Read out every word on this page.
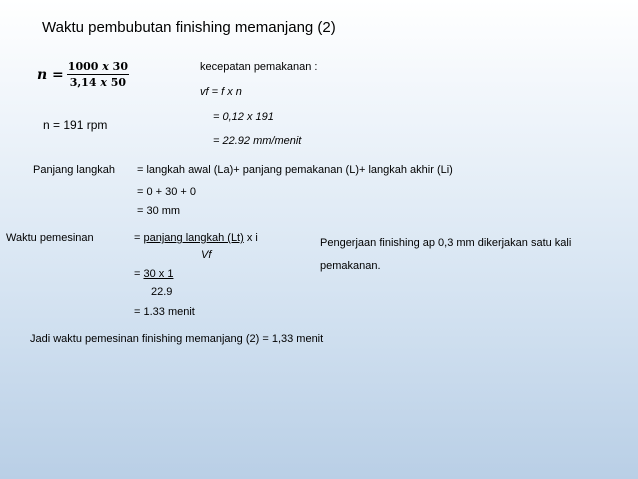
Waktu pembubutan finishing memanjang (2)
$n = \frac{1000 x 30}{3,14 x 50}$
n = 191 rpm
kecepatan pemakanan :
vf = f x n
= 0,12 x 191
= 22.92 mm/menit
Panjang langkah = langkah awal (La)+ panjang pemakanan (L)+ langkah akhir (Li)
= 0 + 30 + 0
= 30 mm
Waktu pemesinan	= panjang langkah (Lt) x i
Vf
= 30 x 1
22.9
= 1.33 menit
Pengerjaan finishing ap 0,3 mm dikerjakan satu kali
pemakanan.
Jadi waktu pemesinan finishing memanjang (2) = 1,33 menit
